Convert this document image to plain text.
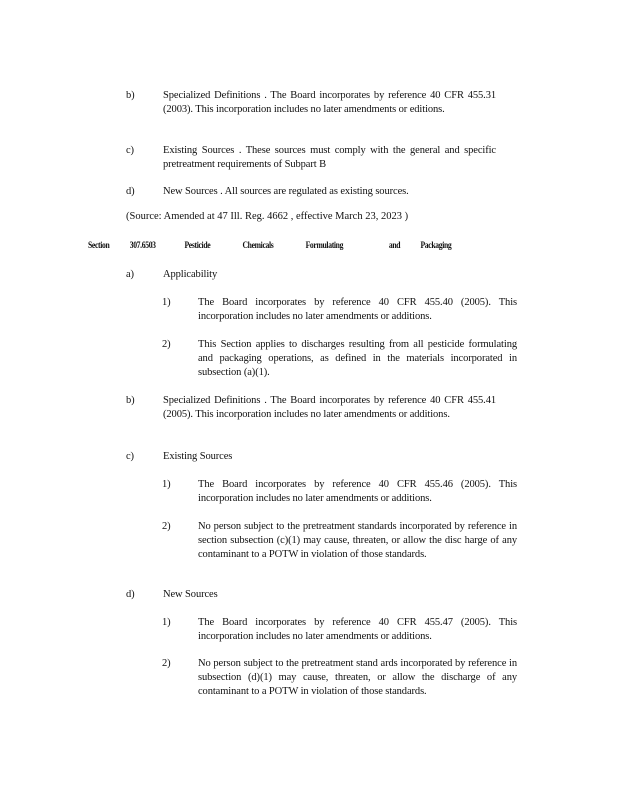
b)	Specialized Definitions . The Board incorporates by reference 40 CFR 455.31 (2003). This incorporation includes no later amendments or editions.
c)	Existing Sources . These sources must comply with the general and specific pretreatment requirements of Subpart B
d)	New Sources . All sources are regulated as existing sources.
(Source: Amended at 47 Ill. Reg. 4662 , effective March 23, 2023 )
Section 307.6503	Pesticide	Chemicals	Formulating	and Packaging
a)	Applicability
1)	The Board incorporates by reference 40 CFR 455.40 (2005). This incorporation includes no later amendments or additions.
2)	This Section applies to discharges resulting from all pesticide formulating and packaging operations, as defined in the materials incorporated in subsection (a)(1).
b)	Specialized Definitions . The Board incorporates by reference 40 CFR 455.41 (2005). This incorporation includes no later amendments or additions.
c)	Existing Sources
1)	The Board incorporates by reference 40 CFR 455.46 (2005). This incorporation includes no later amendments or additions.
2)	No person subject to the pretreatment standards incorporated by reference in section subsection (c)(1) may cause, threaten, or allow the disc harge of any contaminant to a POTW in violation of those standards.
d)	New Sources
1)	The Board incorporates by reference 40 CFR 455.47 (2005). This incorporation includes no later amendments or additions.
2)	No person subject to the pretreatment stand ards incorporated by reference in subsection (d)(1) may cause, threaten, or allow the discharge of any contaminant to a POTW in violation of those standards.
